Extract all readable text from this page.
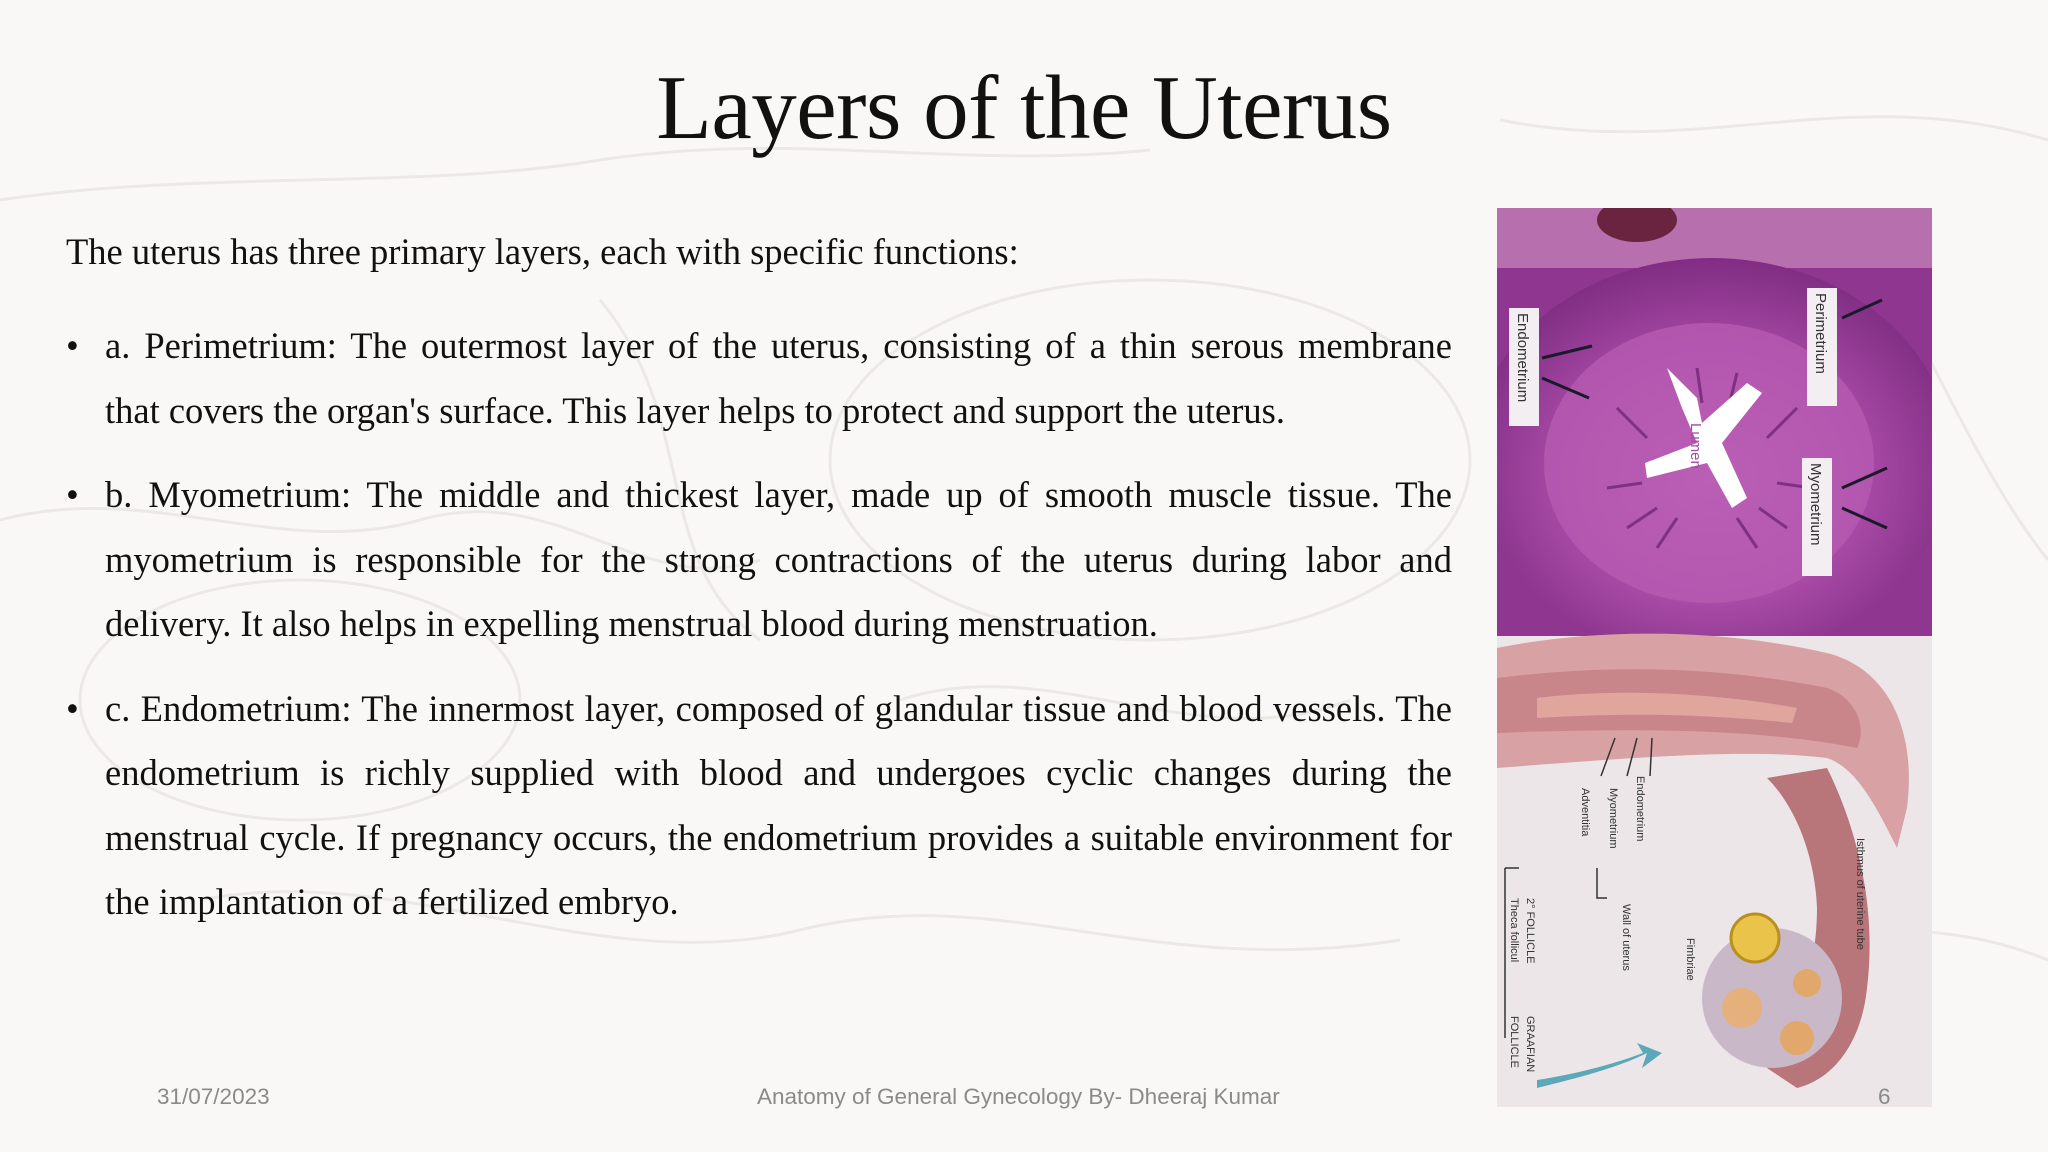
Layers of the Uterus
The uterus has three primary layers, each with specific functions:
• a. Perimetrium: The outermost layer of the uterus, consisting of a thin serous membrane that covers the organ's surface. This layer helps to protect and support the uterus.
• b. Myometrium: The middle and thickest layer, made up of smooth muscle tissue. The myometrium is responsible for the strong contractions of the uterus during labor and delivery. It also helps in expelling menstrual blood during menstruation.
• c. Endometrium: The innermost layer, composed of glandular tissue and blood vessels. The endometrium is richly supplied with blood and undergoes cyclic changes during the menstrual cycle. If pregnancy occurs, the endometrium provides a suitable environment for the implantation of a fertilized embryo.
Adventitia Myometrium Endometrium
Wall of uterus	Isthmus of uterine tube
Fimbriae
2° FOLLICLE
Theca follicul
GRAAFIAN
FOLLICLE
Endometrium	Perimetrium
Lumen
Myometrium
31/07/2023	Anatomy of General Gynecology By- Dheeraj Kumar	6
